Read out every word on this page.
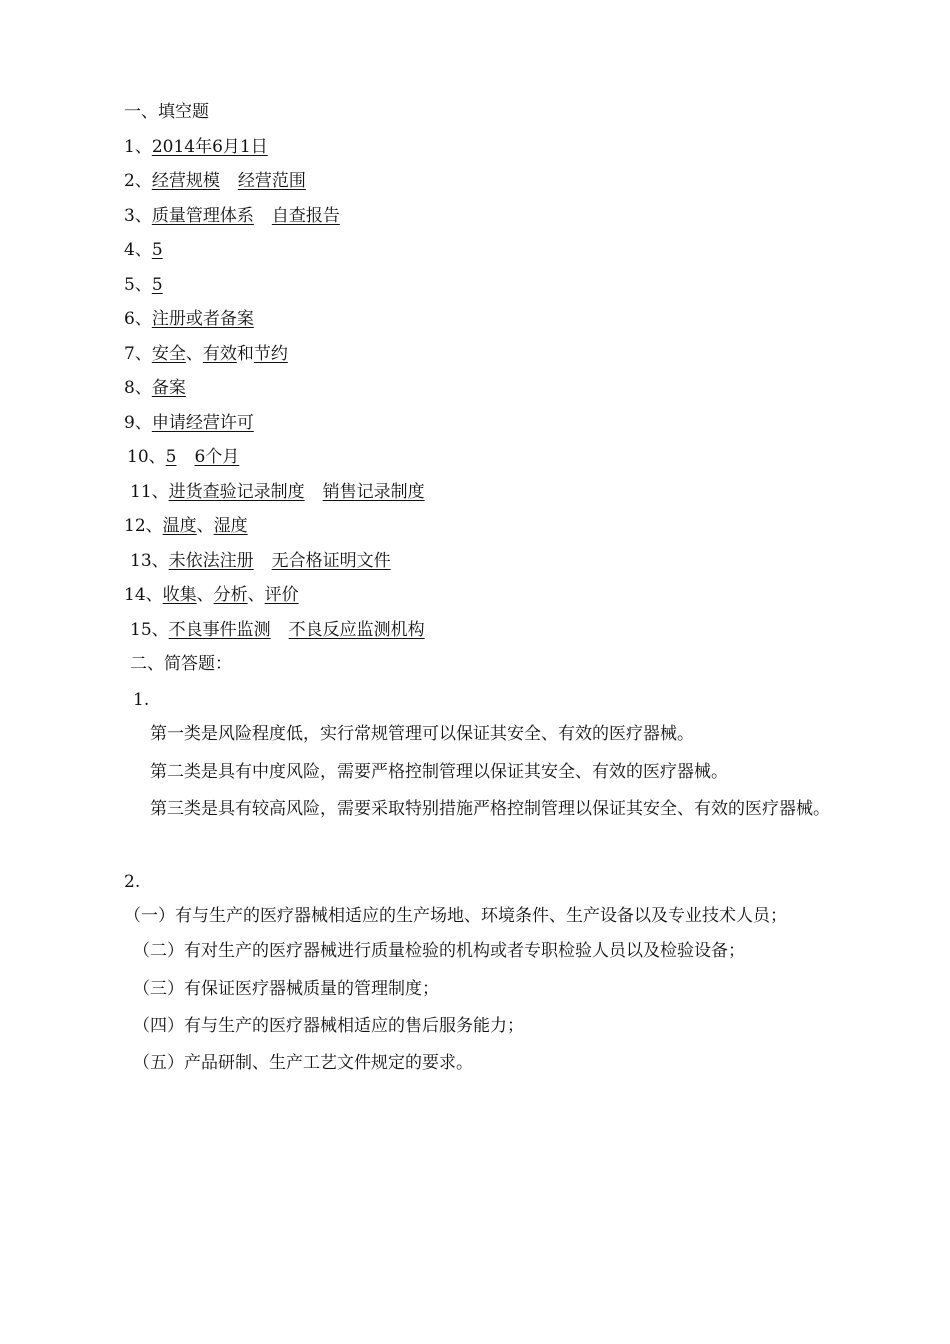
一、填空题
1、2014年6月1日
2、经营规模 经营范围
3、质量管理体系 自查报告
4、5
5、5
6、注册或者备案
7、安全、有效和节约
8、备案
9、申请经营许可
10、5 6个月
11、进货查验记录制度 销售记录制度
12、温度、湿度
13、未依法注册 无合格证明文件
14、收集、分析、评价
15、不良事件监测 不良反应监测机构
二、简答题：
1.
第一类是风险程度低，实行常规管理可以保证其安全、有效的医疗器械。
第二类是具有中度风险，需要严格控制管理以保证其安全、有效的医疗器械。
第三类是具有较高风险，需要采取特别措施严格控制管理以保证其安全、有效的医疗器械。
2.
（一）有与生产的医疗器械相适应的生产场地、环境条件、生产设备以及专业技术人员；
（二）有对生产的医疗器械进行质量检验的机构或者专职检验人员以及检验设备；
（三）有保证医疗器械质量的管理制度；
（四）有与生产的医疗器械相适应的售后服务能力；
（五）产品研制、生产工艺文件规定的要求。
